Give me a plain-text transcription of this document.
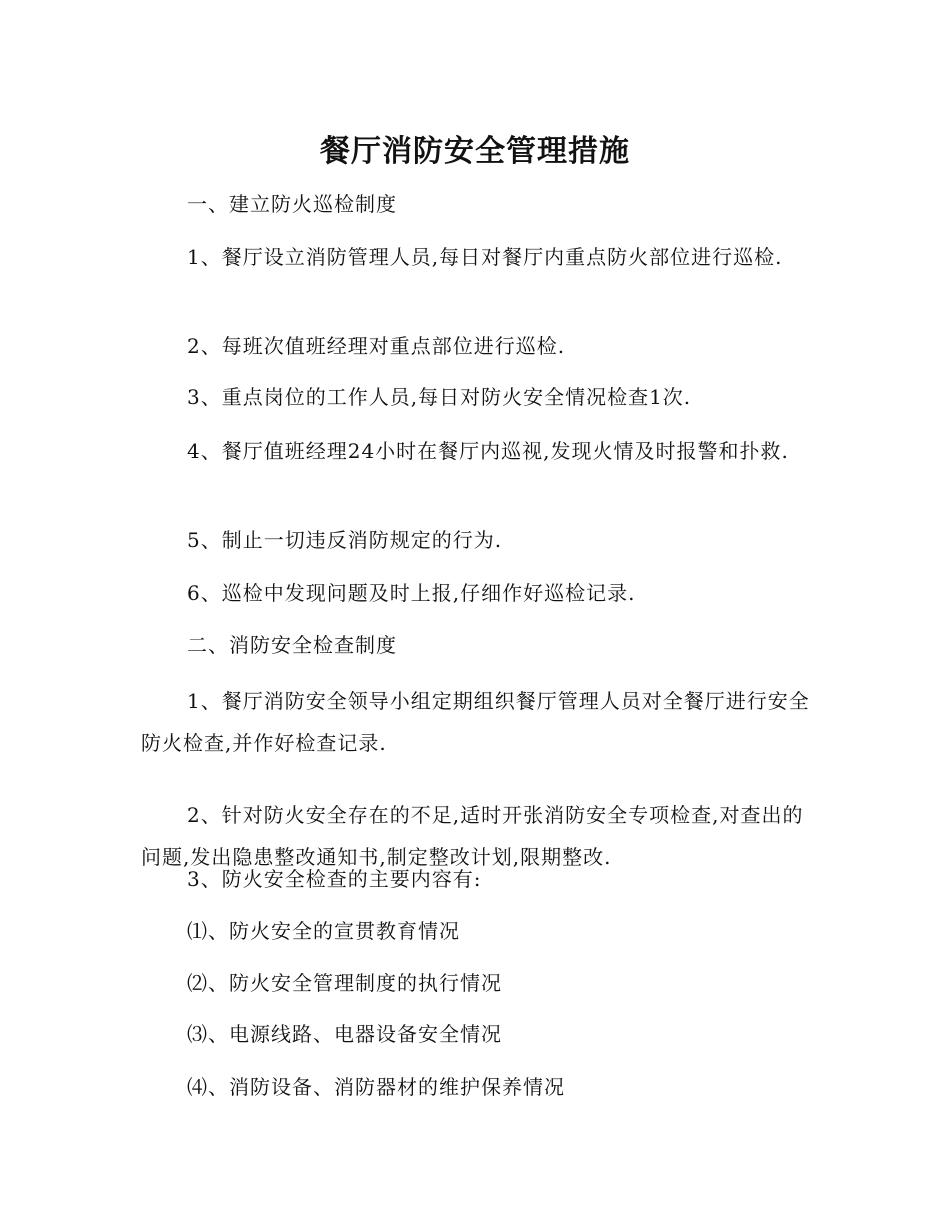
餐厅消防安全管理措施

一、建立防火巡检制度

1、餐厅设立消防管理人员,每日对餐厅内重点防火部位进行巡检.

2、每班次值班经理对重点部位进行巡检.

3、重点岗位的工作人员,每日对防火安全情况检查1次.

4、餐厅值班经理24小时在餐厅内巡视,发现火情及时报警和扑救.

5、制止一切违反消防规定的行为.

6、巡检中发现问题及时上报,仔细作好巡检记录.

二、消防安全检查制度

1、餐厅消防安全领导小组定期组织餐厅管理人员对全餐厅进行安全防火检查,并作好检查记录.

2、针对防火安全存在的不足,适时开张消防安全专项检查,对查出的问题,发出隐患整改通知书,制定整改计划,限期整改.

3、防火安全检查的主要内容有:

⑴、防火安全的宣贯教育情况

⑵、防火安全管理制度的执行情况

⑶、电源线路、电器设备安全情况

⑷、消防设备、消防器材的维护保养情况
